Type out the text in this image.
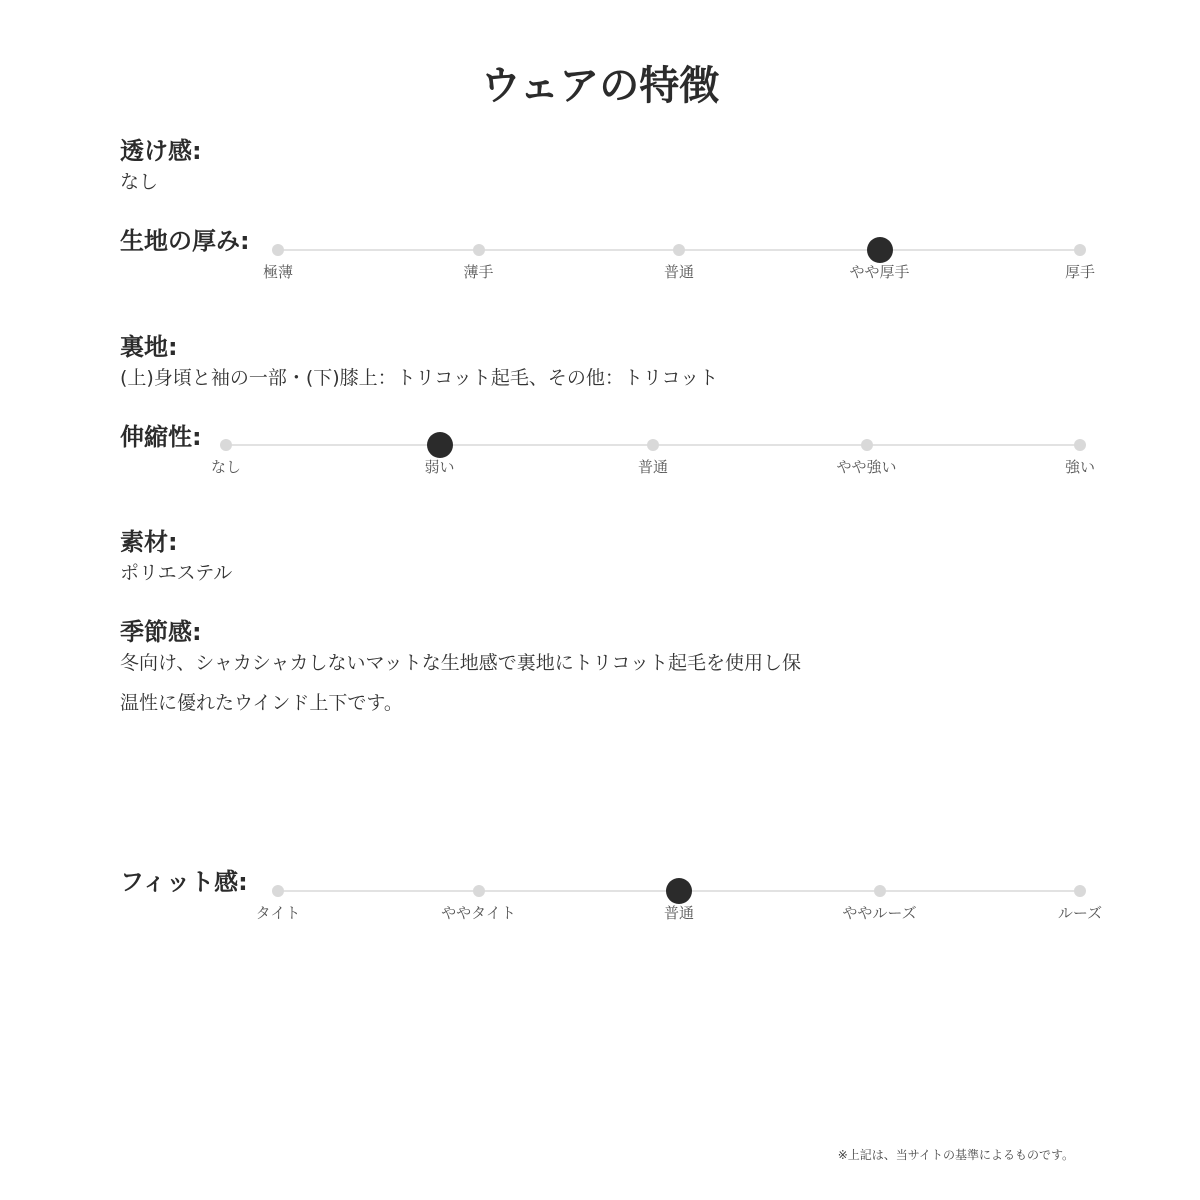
ウェアの特徴
透け感:
なし
生地の厚み:
極薄	薄手	普通	やや厚手	厚手
裏地:
(上)身頃と袖の一部・(下)膝上：トリコット起毛、その他：トリコット
伸縮性:
なし	弱い	普通	やや強い	強い
素材:
ポリエステル
季節感:
冬向け、シャカシャカしないマットな生地感で裏地にトリコット起毛を使用し保
温性に優れたウインド上下です。
フィット感:
タイト	ややタイト	普通	ややルーズ	ルーズ
※上記は、当サイトの基準によるものです。
